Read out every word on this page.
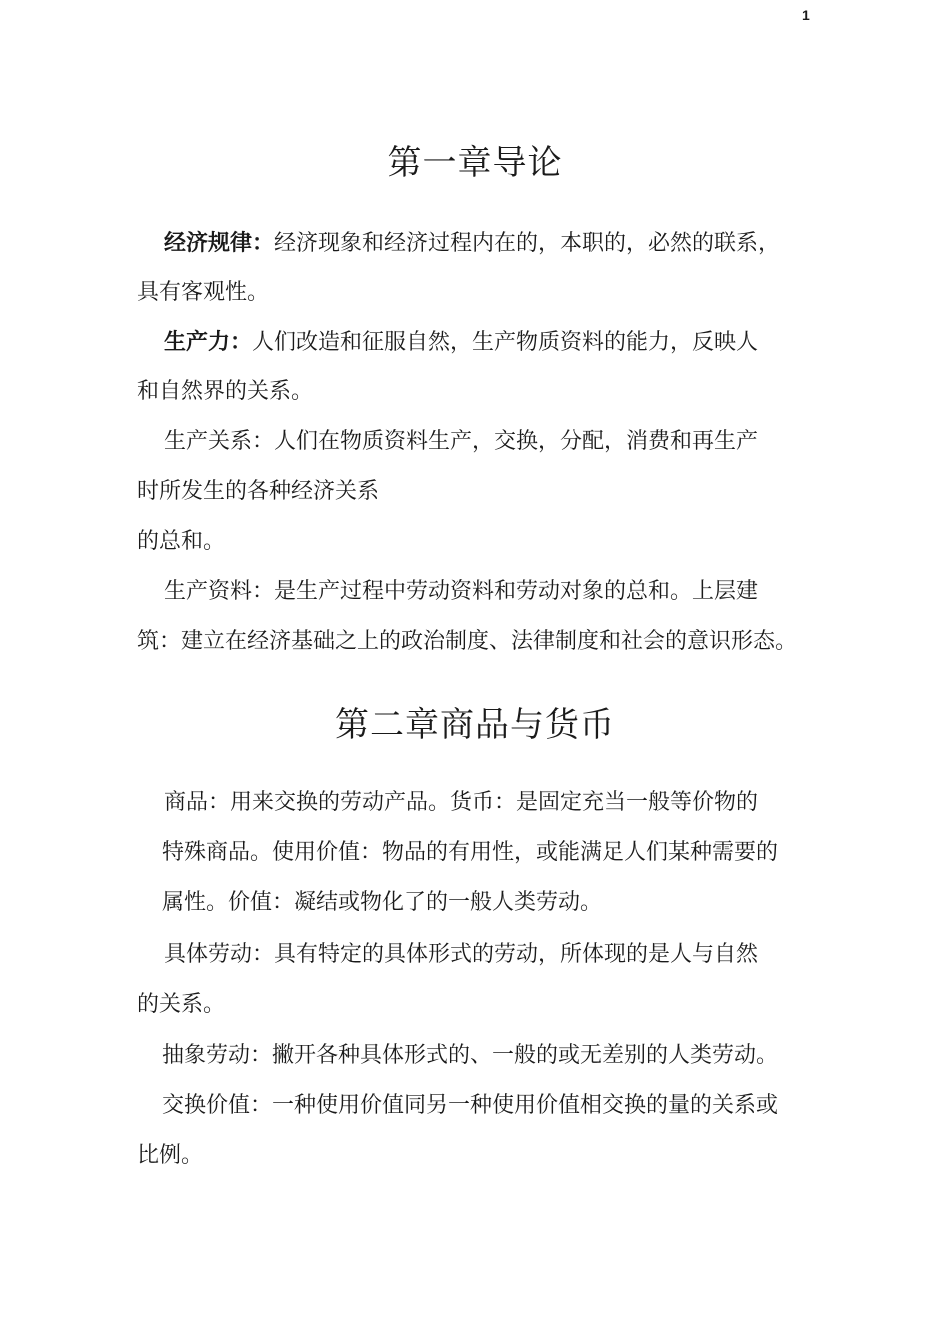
1
第一章导论

经济规律：经济现象和经济过程内在的，本职的，必然的联系，

具有客观性。

生产力：人们改造和征服自然，生产物质资料的能力，反映人

和自然界的关系。

生产关系：人们在物质资料生产，交换，分配，消费和再生产

时所发生的各种经济关系

的总和。

生产资料：是生产过程中劳动资料和劳动对象的总和。上层建

筑：建立在经济基础之上的政治制度、法律制度和社会的意识形态。

第二章商品与货币

商品：用来交换的劳动产品。货币：是固定充当一般等价物的

特殊商品。使用价值：物品的有用性，或能满足人们某种需要的

属性。价值：凝结或物化了的一般人类劳动。

具体劳动：具有特定的具体形式的劳动，所体现的是人与自然

的关系。

抽象劳动：撇开各种具体形式的、一般的或无差别的人类劳动。

交换价值：一种使用价值同另一种使用价值相交换的量的关系或

比例。
